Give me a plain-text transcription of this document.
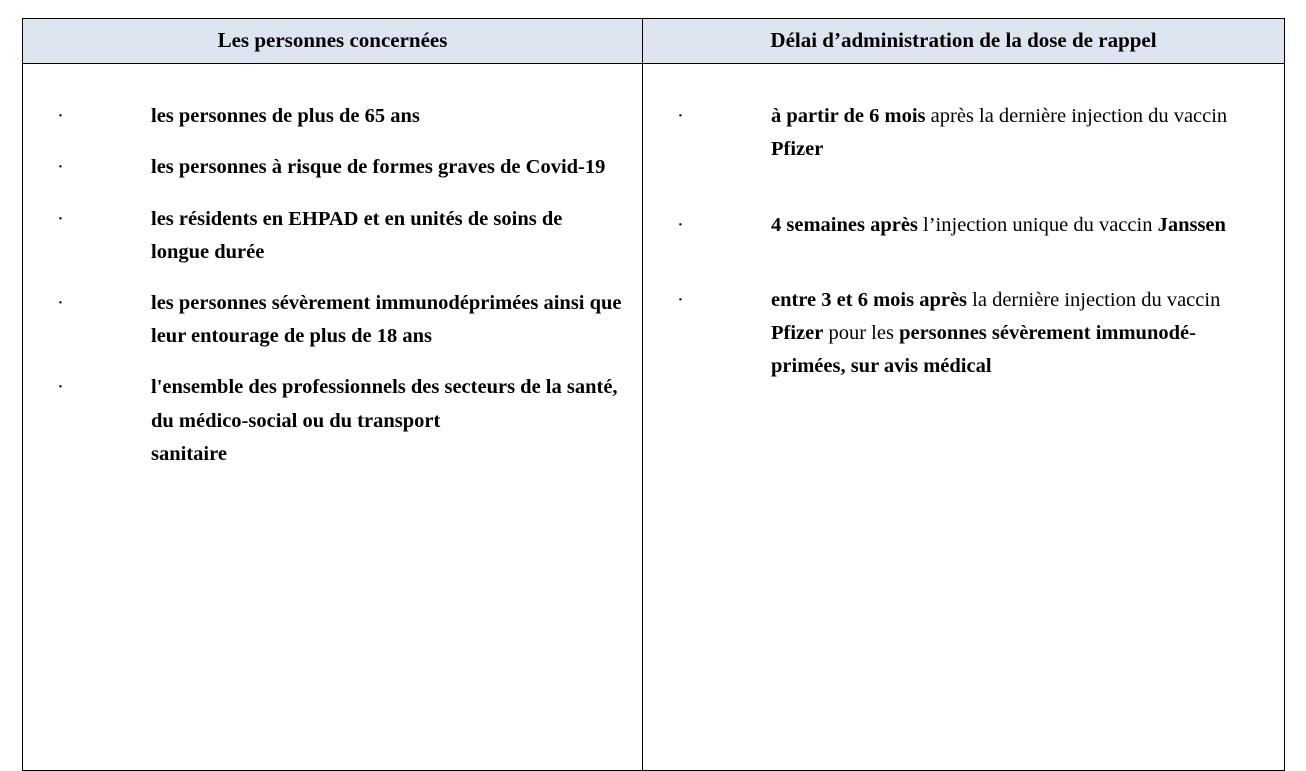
Les personnes concernées	Délai d’administration de la dose de rappel

·	les personnes de plus de 65 ans
·	les personnes à risque de formes graves de Covid-19
·	les résidents en EHPAD et en unités de soins de longue durée
·	les personnes sévèrement immunodéprimées ainsi que
leur entourage de plus de 18 ans
·	l'ensemble des professionnels des secteurs de la santé, du médico-social ou du transport
sanitaire

·	à partir de 6 mois après la dernière injection du vaccin Pfizer
·	4 semaines après l’injection unique du vaccin Janssen
·	entre 3 et 6 mois après la dernière injection du vaccin Pfizer pour les personnes sévèrement immunodé-primées, sur avis médical
